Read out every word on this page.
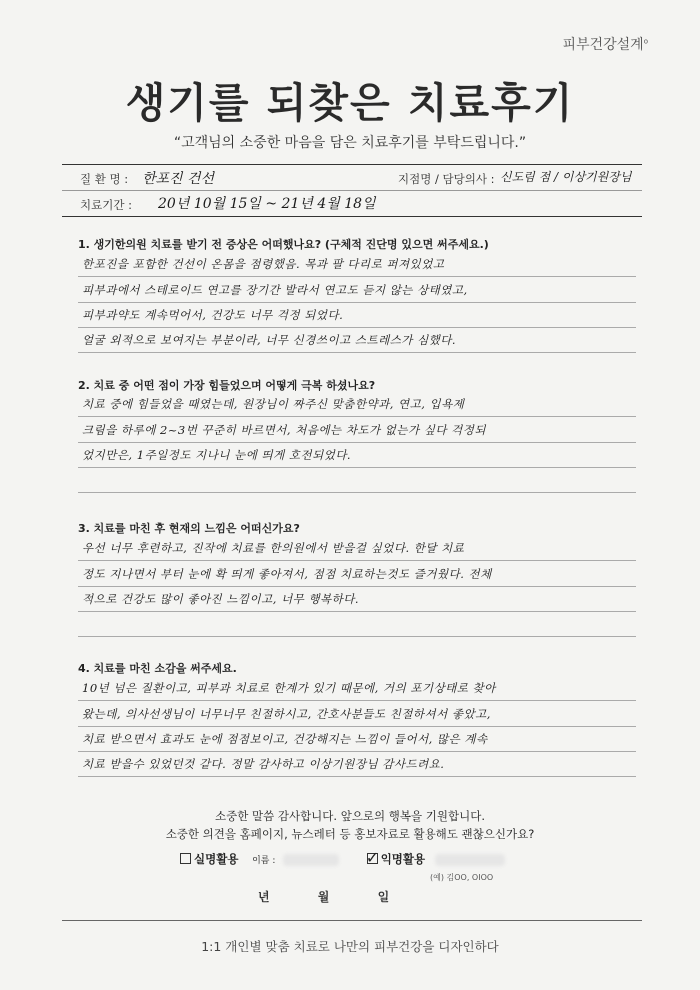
피부건강설계$^o$
생기를 되찾은 치료후기
“고객님의 소중한 마음을 담은 치료후기를 부탁드립니다.”
질 환 명 : 한포진 건선	지점명 / 담당의사 : 신도림 점 / 이상기원장님
치료기간 : 20년 10월 15일 ~ 21년 4월 18일
1. 생기한의원 치료를 받기 전 증상은 어떠했나요? (구체적 진단명 있으면 써주세요.)
한포진을 포함한 건선이 온몸을 점령했음. 목과 팔 다리로 퍼져있었고
피부과에서 스테로이드 연고를 장기간 발라서 연고도 듣지 않는 상태였고,
피부과약도 계속먹어서, 건강도 너무 걱정 되었다.
얼굴 외적으로 보여지는 부분이라, 너무 신경쓰이고 스트레스가 심했다.
2. 치료 중 어떤 점이 가장 힘들었으며 어떻게 극복 하셨나요?
치료 중에 힘들었을 때였는데, 원장님이 짜주신 맞춤한약과, 연고, 입욕제
크림을 하루에 2~3번 꾸준히 바르면서, 처음에는 차도가 없는가 싶다 걱정되
었지만은, 1주일정도 지나니 눈에 띄게 호전되었다.
3. 치료를 마친 후 현재의 느낌은 어떠신가요?
우선 너무 후련하고, 진작에 치료를 한의원에서 받을걸 싶었다. 한달 치료
정도 지나면서 부터 눈에 확 띄게 좋아져서, 점점 치료하는것도 즐거웠다. 전체
적으로 건강도 많이 좋아진 느낌이고, 너무 행복하다.
4. 치료를 마친 소감을 써주세요.
10년 넘은 질환이고, 피부과 치료로 한계가 있기 때문에, 거의 포기상태로 찾아
왔는데, 의사선생님이 너무너무 친절하시고, 간호사분들도 친절하셔서 좋았고,
치료 받으면서 효과도 눈에 점점보이고, 건강해지는 느낌이 들어서, 많은 계속
치료 받을수 있었던것 같다. 정말 감사하고 이상기원장님 감사드려요.
소중한 말씀 감사합니다. 앞으로의 행복을 기원합니다.
소중한 의견을 홈페이지, 뉴스레터 등 홍보자료로 활용해도 괜찮으신가요?
실명활용 이름 :	✓ 익명활용
(예) 김OO, OIOO
년	월	일
1:1 개인별 맞춤 치료로 나만의 피부건강을 디자인하다
